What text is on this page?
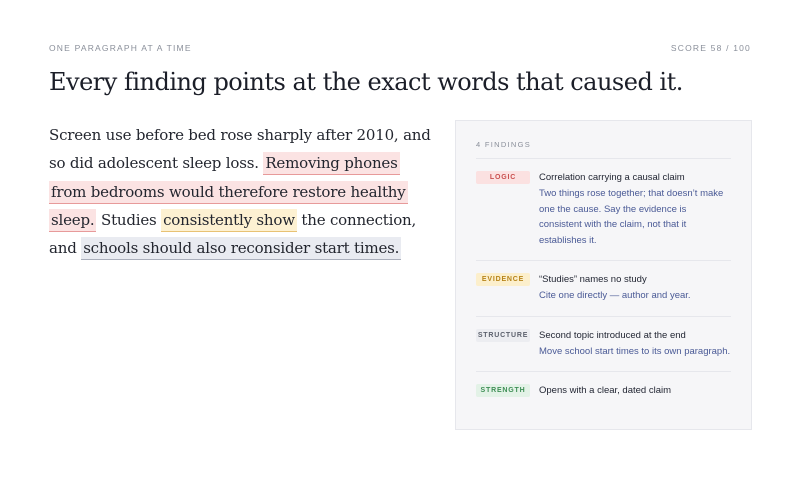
ONE PARAGRAPH AT A TIME	SCORE 58 / 100
Every finding points at the exact words that caused it.

Screen use before bed rose sharply after 2010, and so did adolescent sleep loss. Removing phones from bedrooms would therefore restore healthy sleep. Studies consistently show the connection, and schools should also reconsider start times.

4 FINDINGS
LOGIC	Correlation carrying a causal claim
Two things rose together; that doesn’t make one the cause. Say the evidence is consistent with the claim, not that it establishes it.
EVIDENCE	“Studies” names no study
Cite one directly — author and year.
STRUCTURE Second topic introduced at the end
Move school start times to its own paragraph.
STRENGTH	Opens with a clear, dated claim
